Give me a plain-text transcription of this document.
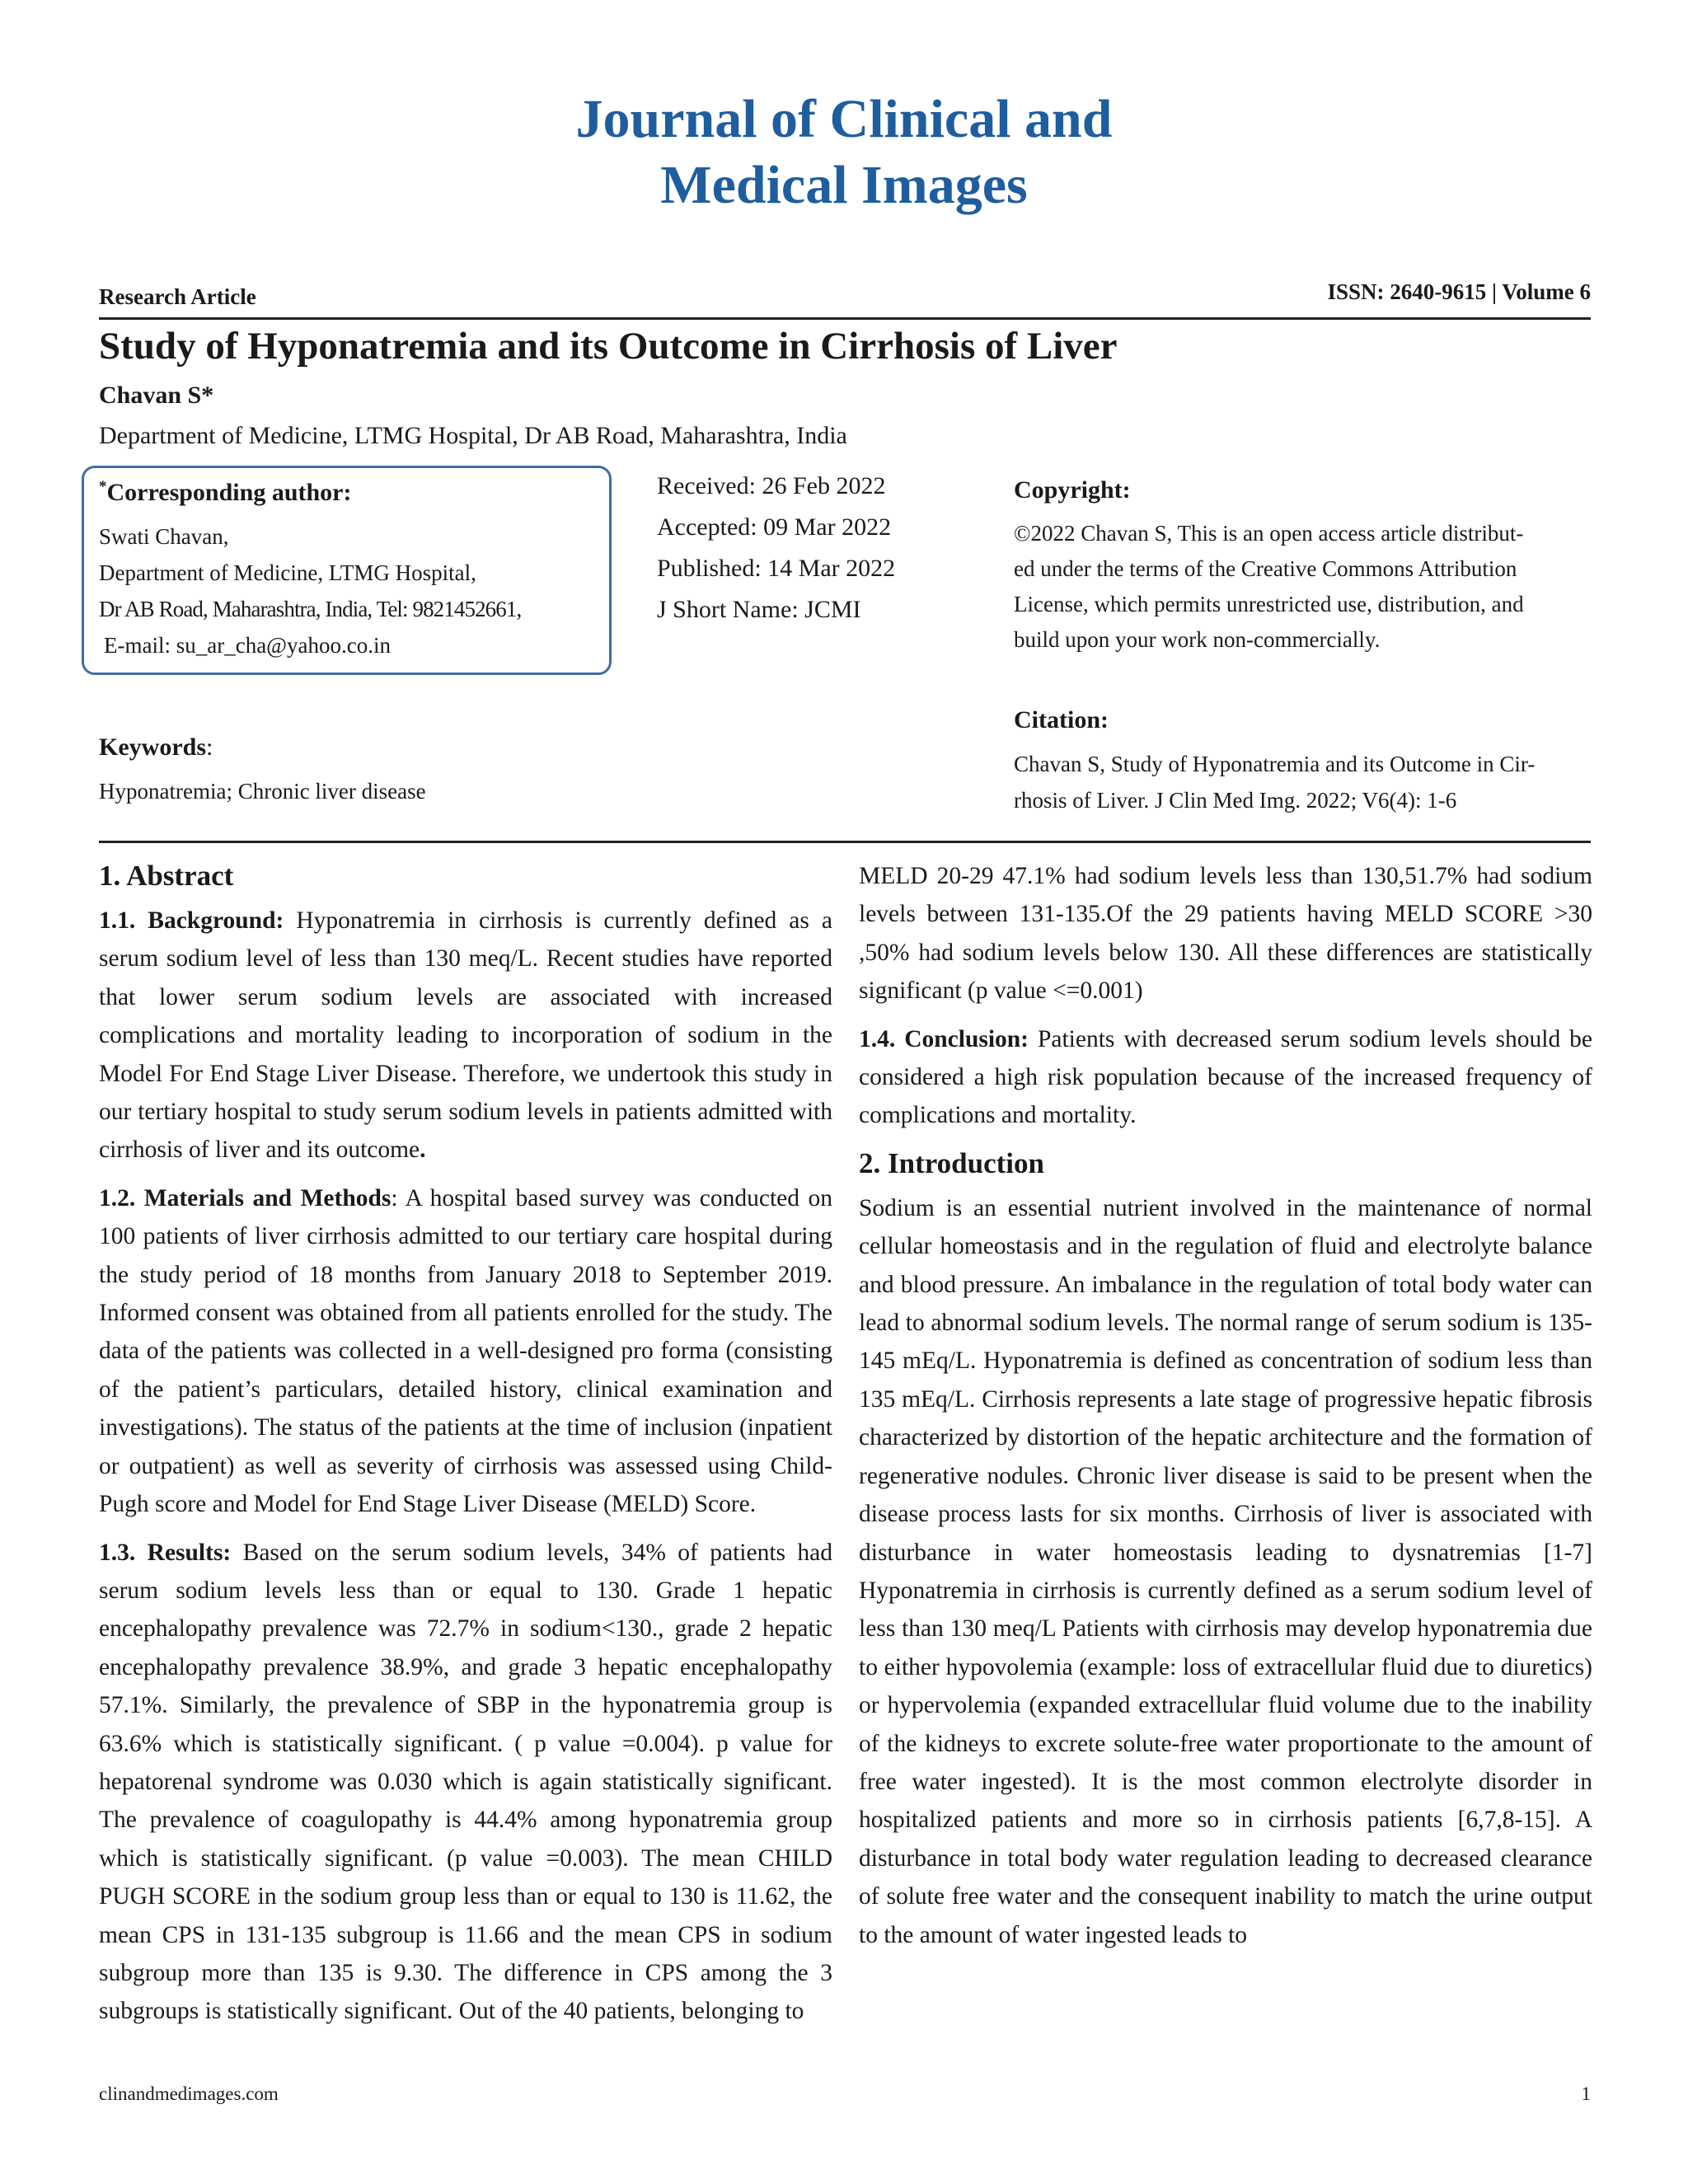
Journal of Clinical and
Medical Images
Research Article	ISSN: 2640-9615 | Volume 6
Study of Hyponatremia and its Outcome in Cirrhosis of Liver
Chavan S*
Department of Medicine, LTMG Hospital, Dr AB Road, Maharashtra, India
*Corresponding author:
Swati Chavan,
Department of Medicine, LTMG Hospital,
Dr AB Road, Maharashtra, India, Tel: 9821452661,
E-mail: su_ar_cha@yahoo.co.in
Received: 26 Feb 2022
Accepted: 09 Mar 2022
Published: 14 Mar 2022
J Short Name: JCMI
Copyright:
©2022 Chavan S, This is an open access article distribut-
ed under the terms of the Creative Commons Attribution
License, which permits unrestricted use, distribution, and
build upon your work non-commercially.
Citation:
Chavan S, Study of Hyponatremia and its Outcome in Cir-
rhosis of Liver. J Clin Med Img. 2022; V6(4): 1-6
Keywords:
Hyponatremia; Chronic liver disease
1. Abstract

1.1. Background: Hyponatremia in cirrhosis is currently defined as a serum sodium level of less than 130 meq/L. Recent studies have reported that lower serum sodium levels are associated with increased complications and mortality leading to incorporation of sodium in the Model For End Stage Liver Disease. Therefore, we undertook this study in our tertiary hospital to study serum sodium levels in patients admitted with cirrhosis of liver and its outcome.

1.2. Materials and Methods: A hospital based survey was conducted on 100 patients of liver cirrhosis admitted to our tertiary care hospital during the study period of 18 months from January 2018 to September 2019. Informed consent was obtained from all patients enrolled for the study. The data of the patients was collected in a well-designed pro forma (consisting of the patient’s particulars, detailed history, clinical examination and investigations). The status of the patients at the time of inclusion (inpatient or outpatient) as well as severity of cirrhosis was assessed using Child-Pugh score and Model for End Stage Liver Disease (MELD) Score.

1.3. Results: Based on the serum sodium levels, 34% of patients had serum sodium levels less than or equal to 130. Grade 1 hepatic encephalopathy prevalence was 72.7% in sodium<130., grade 2 hepatic encephalopathy prevalence 38.9%, and grade 3 hepatic encephalopathy 57.1%. Similarly, the prevalence of SBP in the hyponatremia group is 63.6% which is statistically significant. ( p value =0.004). p value for hepatorenal syndrome was 0.030 which is again statistically significant. The prevalence of coagulopathy is 44.4% among hyponatremia group which is statistically significant. (p value =0.003). The mean CHILD PUGH SCORE in the sodium group less than or equal to 130 is 11.62, the mean CPS in 131-135 subgroup is 11.66 and the mean CPS in sodium subgroup more than 135 is 9.30. The difference in CPS among the 3 subgroups is statistically significant. Out of the 40 patients, belonging to

MELD 20-29 47.1% had sodium levels less than 130,51.7% had sodium levels between 131-135.Of the 29 patients having MELD SCORE >30 ,50% had sodium levels below 130. All these differences are statistically significant (p value <=0.001)

1.4. Conclusion: Patients with decreased serum sodium levels should be considered a high risk population because of the increased frequency of complications and mortality.

2. Introduction

Sodium is an essential nutrient involved in the maintenance of normal cellular homeostasis and in the regulation of fluid and electrolyte balance and blood pressure. An imbalance in the regulation of total body water can lead to abnormal sodium levels. The normal range of serum sodium is 135-145 mEq/L. Hyponatremia is defined as concentration of sodium less than 135 mEq/L. Cirrhosis represents a late stage of progressive hepatic fibrosis characterized by distortion of the hepatic architecture and the formation of regenerative nodules. Chronic liver disease is said to be present when the disease process lasts for six months. Cirrhosis of liver is associated with disturbance in water homeostasis leading to dysnatremias [1-7] Hyponatremia in cirrhosis is currently defined as a serum sodium level of less than 130 meq/L Patients with cirrhosis may develop hyponatremia due to either hypovolemia (example: loss of extracellular fluid due to diuretics) or hypervolemia (expanded extracellular fluid volume due to the inability of the kidneys to excrete solute-free water proportionate to the amount of free water ingested). It is the most common electrolyte disorder in hospitalized patients and more so in cirrhosis patients [6,7,8-15]. A disturbance in total body water regulation leading to decreased clearance of solute free water and the consequent inability to match the urine output to the amount of water ingested leads to

clinandmedimages.com	1
